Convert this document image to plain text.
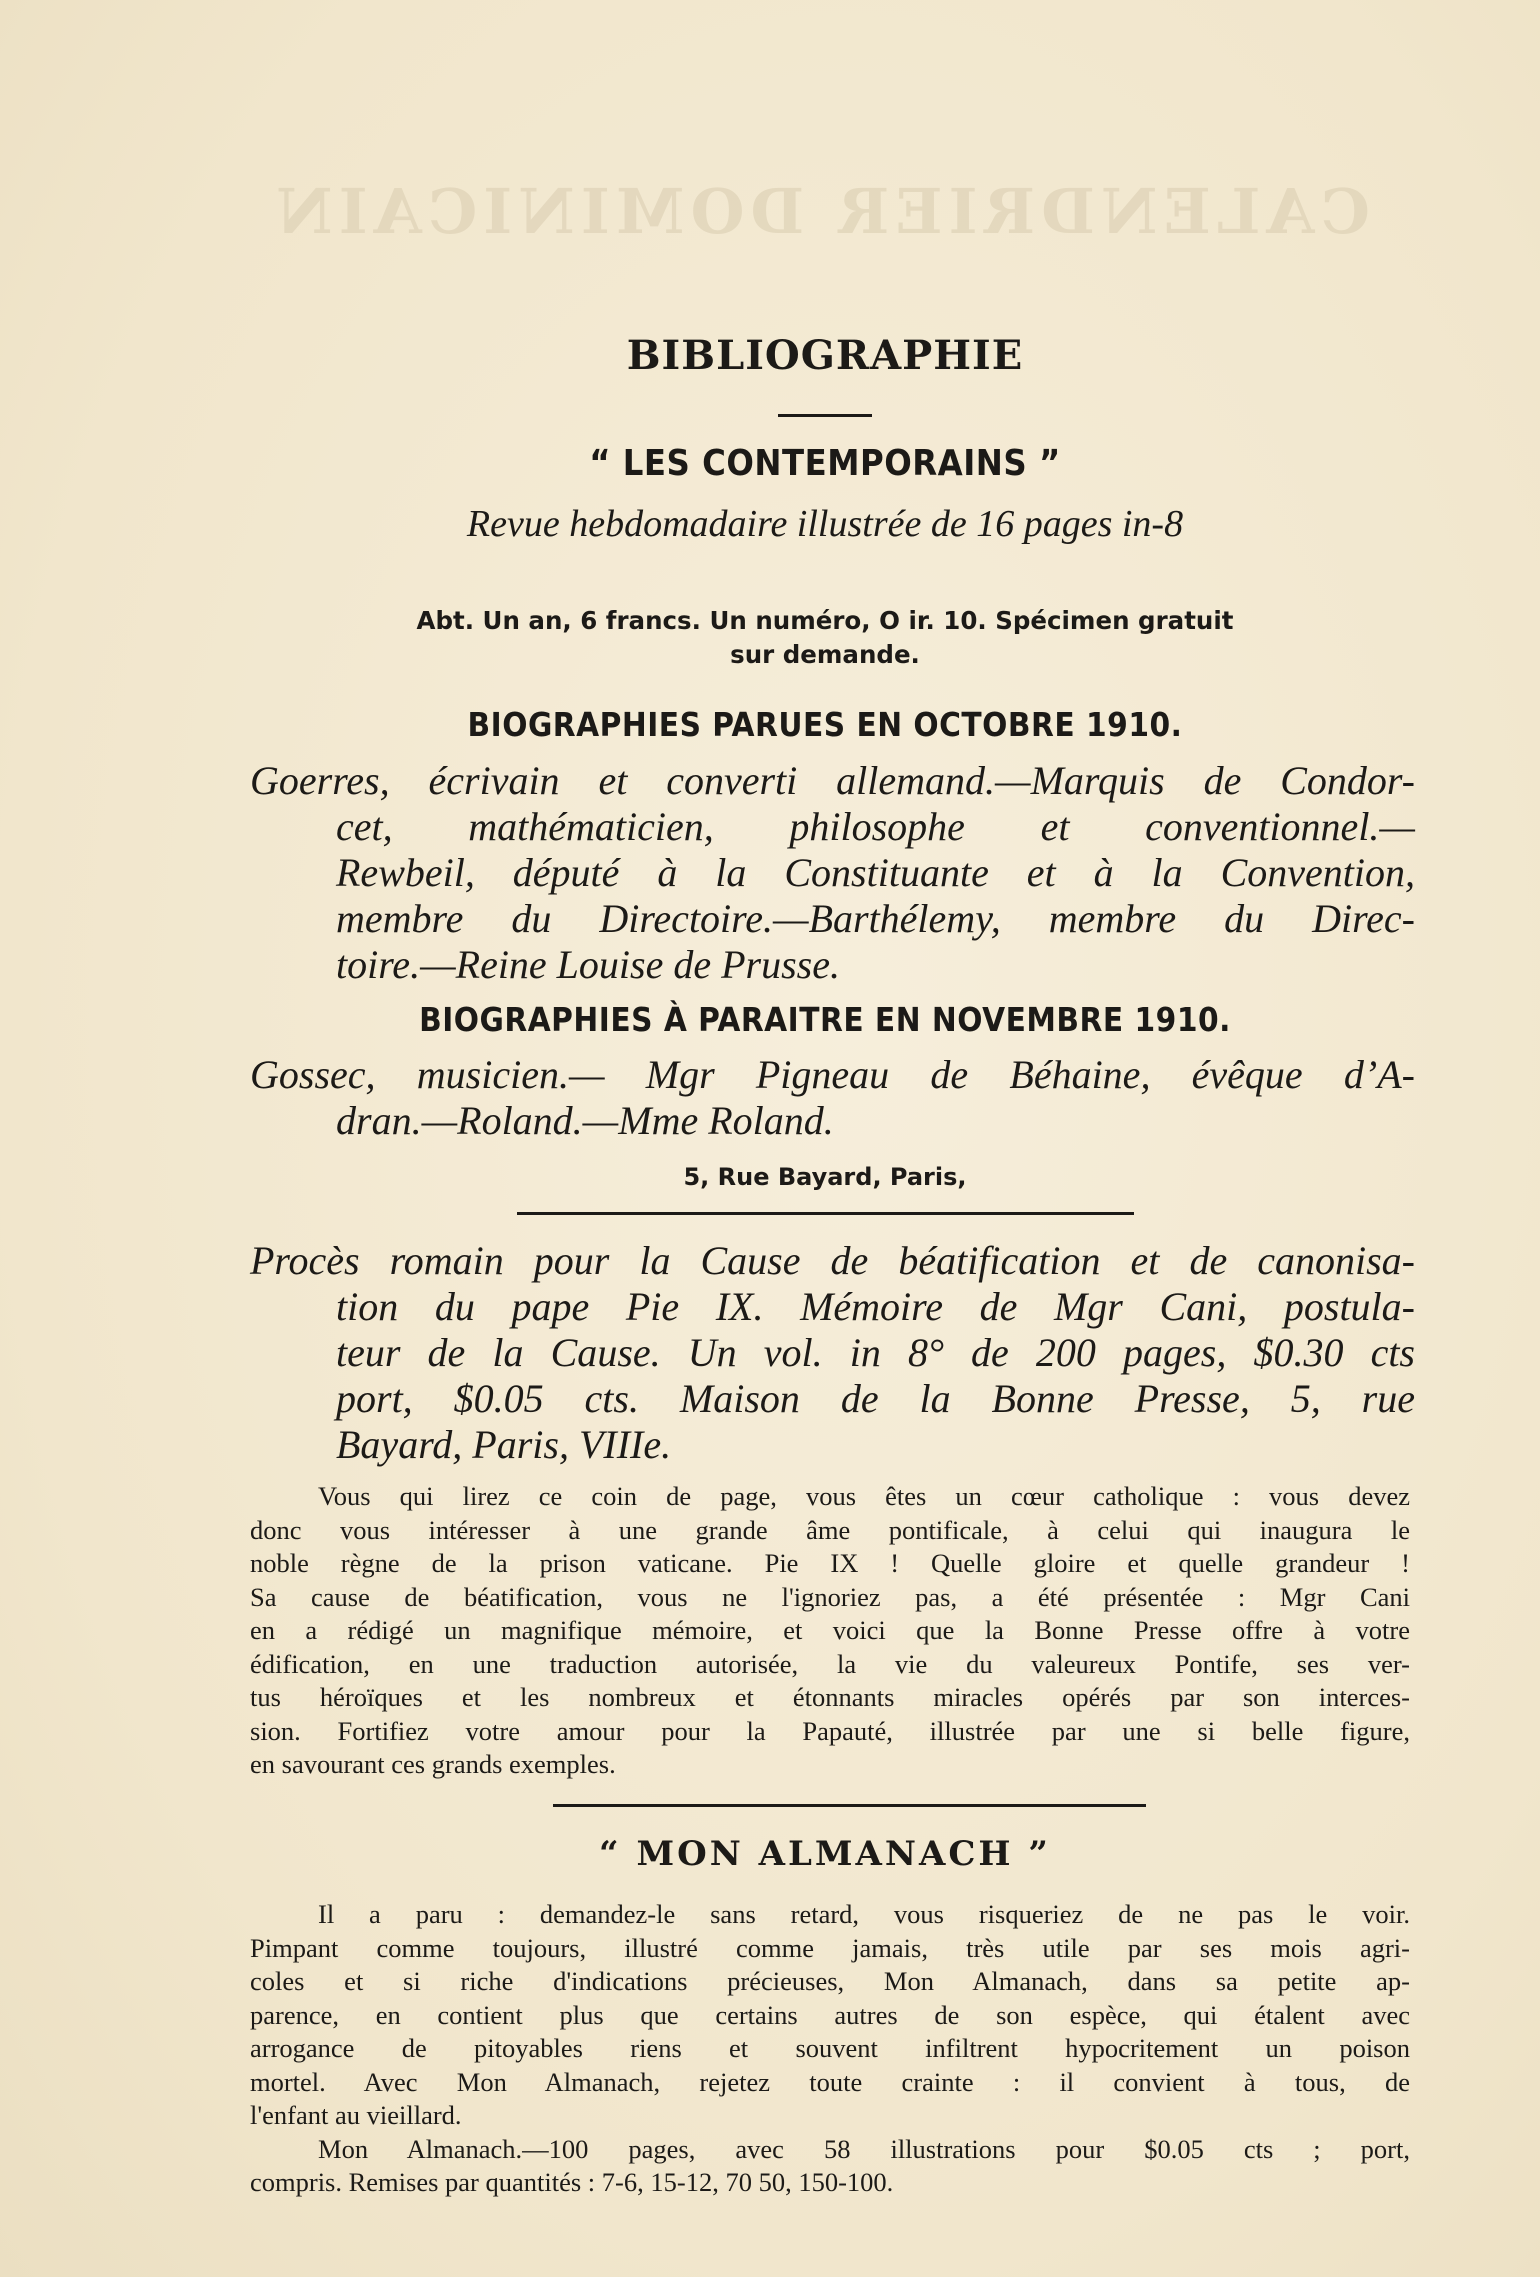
CALENDRIER DOMINICAIN
BIBLIOGRAPHIE
“ LES CONTEMPORAINS ”
Revue hebdomadaire illustrée de 16 pages in-8
Abt. Un an, 6 francs. Un numéro, O ir. 10. Spécimen gratuit
sur demande.
BIOGRAPHIES PARUES EN OCTOBRE 1910.
Goerres, écrivain et converti allemand.—Marquis de Condor-
cet, mathématicien, philosophe et conventionnel.—
Rewbeil, député à la Constituante et à la Convention,
membre du Directoire.—Barthélemy, membre du Direc-
toire.—Reine Louise de Prusse.
BIOGRAPHIES À PARAITRE EN NOVEMBRE 1910.
Gossec, musicien.— Mgr Pigneau de Béhaine, évêque d’A-
dran.—Roland.—Mme Roland.
5, Rue Bayard, Paris,
Procès romain pour la Cause de béatification et de canonisa-
tion du pape Pie IX. Mémoire de Mgr Cani, postula-
teur de la Cause. Un vol. in 8° de 200 pages, $0.30 cts
port, $0.05 cts. Maison de la Bonne Presse, 5, rue
Bayard, Paris, VIIIe.
Vous qui lirez ce coin de page, vous êtes un cœur catholique : vous devez
donc vous intéresser à une grande âme pontificale, à celui qui inaugura le
noble règne de la prison vaticane. Pie IX ! Quelle gloire et quelle grandeur !
Sa cause de béatification, vous ne l'ignoriez pas, a été présentée : Mgr Cani
en a rédigé un magnifique mémoire, et voici que la Bonne Presse offre à votre
édification, en une traduction autorisée, la vie du valeureux Pontife, ses ver-
tus héroïques et les nombreux et étonnants miracles opérés par son interces-
sion. Fortifiez votre amour pour la Papauté, illustrée par une si belle figure,
en savourant ces grands exemples.
“ MON ALMANACH ”
Il a paru : demandez-le sans retard, vous risqueriez de ne pas le voir.
Pimpant comme toujours, illustré comme jamais, très utile par ses mois agri-
coles et si riche d'indications précieuses, Mon Almanach, dans sa petite ap-
parence, en contient plus que certains autres de son espèce, qui étalent avec
arrogance de pitoyables riens et souvent infiltrent hypocritement un poison
mortel. Avec Mon Almanach, rejetez toute crainte : il convient à tous, de
l'enfant au vieillard.
Mon Almanach.—100 pages, avec 58 illustrations pour $0.05 cts ; port,
compris. Remises par quantités : 7-6, 15-12, 70 50, 150-100.
